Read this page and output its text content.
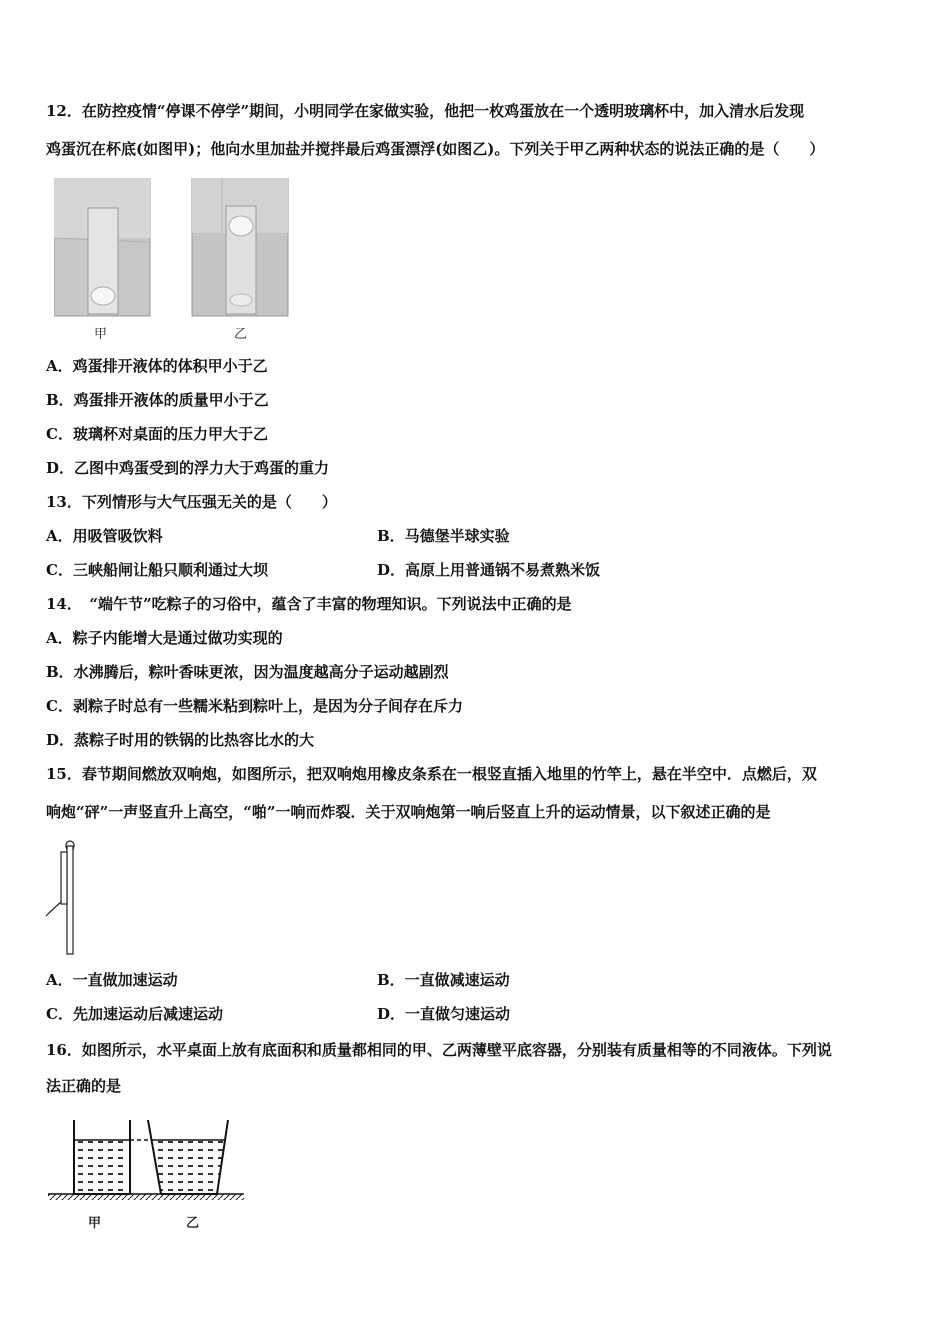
12．在防控疫情“停课不停学”期间，小明同学在家做实验，他把一枚鸡蛋放在一个透明玻璃杯中，加入清水后发现
鸡蛋沉在杯底(如图甲)；他向水里加盐并搅拌最后鸡蛋漂浮(如图乙)。下列关于甲乙两种状态的说法正确的是（　　）
甲	乙
A．鸡蛋排开液体的体积甲小于乙
B．鸡蛋排开液体的质量甲小于乙
C．玻璃杯对桌面的压力甲大于乙
D．乙图中鸡蛋受到的浮力大于鸡蛋的重力
13．下列情形与大气压强无关的是（　　）
A．用吸管吸饮料	B．马德堡半球实验
C．三峡船闸让船只顺利通过大坝	D．高原上用普通锅不易煮熟米饭
14．　“端午节”吃粽子的习俗中，蕴含了丰富的物理知识。下列说法中正确的是
A．粽子内能增大是通过做功实现的
B．水沸腾后，粽叶香味更浓，因为温度越高分子运动越剧烈
C．剥粽子时总有一些糯米粘到粽叶上，是因为分子间存在斥力
D．蒸粽子时用的铁锅的比热容比水的大
15．春节期间燃放双响炮，如图所示，把双响炮用橡皮条系在一根竖直插入地里的竹竿上，悬在半空中．点燃后，双
响炮“砰”一声竖直升上高空，“啪”一响而炸裂．关于双响炮第一响后竖直上升的运动情景，以下叙述正确的是
A．一直做加速运动	B．一直做减速运动
C．先加速运动后减速运动	D．一直做匀速运动
16．如图所示，水平桌面上放有底面积和质量都相同的甲、乙两薄壁平底容器，分别装有质量相等的不同液体。下列说
法正确的是
甲	乙
